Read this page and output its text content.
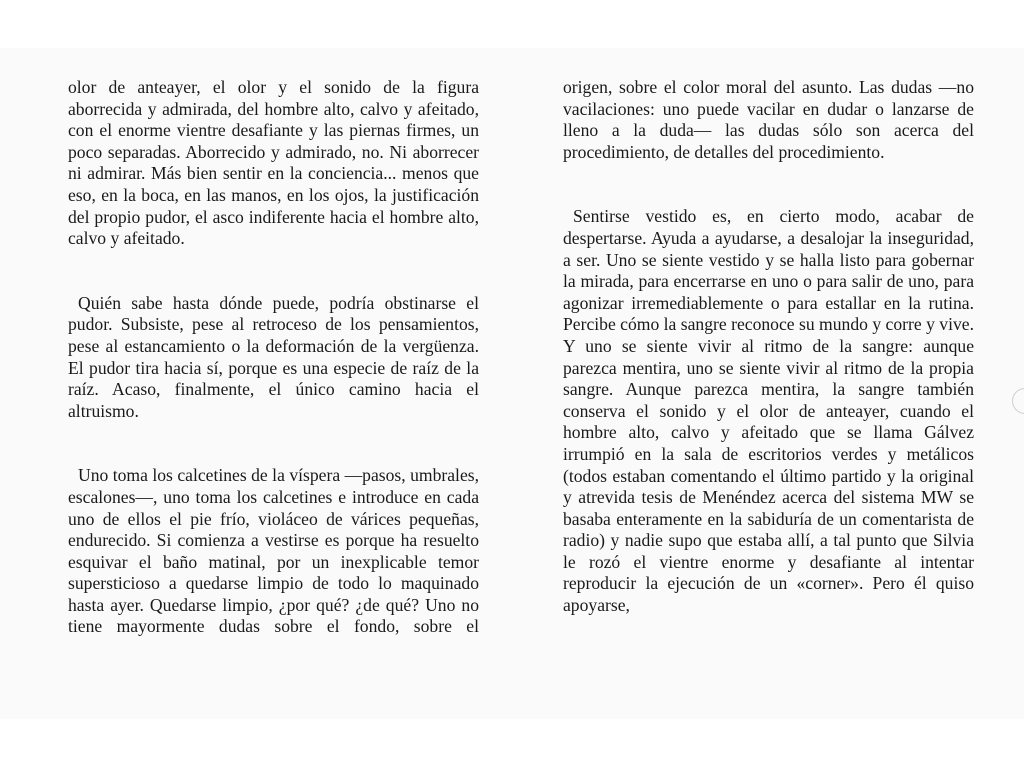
olor de anteayer, el olor y el sonido de la figura aborrecida y admirada, del hombre alto, calvo y afeitado, con el enorme vientre desafiante y las piernas firmes, un poco separadas. Aborrecido y admirado, no. Ni aborrecer ni admirar. Más bien sentir en la conciencia... menos que eso, en la boca, en las manos, en los ojos, la justificación del propio pudor, el asco indiferente hacia el hombre alto, calvo y afeitado.

Quién sabe hasta dónde puede, podría obstinarse el pudor. Subsiste, pese al retroceso de los pensamientos, pese al estancamiento o la deformación de la vergüenza. El pudor tira hacia sí, porque es una especie de raíz de la raíz. Acaso, finalmente, el único camino hacia el altruismo.

Uno toma los calcetines de la víspera —pasos, umbrales, escalones—, uno toma los calcetines e introduce en cada uno de ellos el pie frío, violáceo de várices pequeñas, endurecido. Si comienza a vestirse es porque ha resuelto esquivar el baño matinal, por un inexplicable temor supersticioso a quedarse limpio de todo lo maquinado hasta ayer. Quedarse limpio, ¿por qué? ¿de qué? Uno no tiene mayormente dudas sobre el fondo, sobre el

origen, sobre el color moral del asunto. Las dudas —no vacilaciones: uno puede vacilar en dudar o lanzarse de lleno a la duda— las dudas sólo son acerca del procedimiento, de detalles del procedimiento.

Sentirse vestido es, en cierto modo, acabar de despertarse. Ayuda a ayudarse, a desalojar la inseguridad, a ser. Uno se siente vestido y se halla listo para gobernar la mirada, para encerrarse en uno o para salir de uno, para agonizar irremediablemente o para estallar en la rutina. Percibe cómo la sangre reconoce su mundo y corre y vive. Y uno se siente vivir al ritmo de la sangre: aunque parezca mentira, uno se siente vivir al ritmo de la propia sangre. Aunque parezca mentira, la sangre también conserva el sonido y el olor de anteayer, cuando el hombre alto, calvo y afeitado que se llama Gálvez irrumpió en la sala de escritorios verdes y metálicos (todos estaban comentando el último partido y la original y atrevida tesis de Menéndez acerca del sistema MW se basaba enteramente en la sabiduría de un comentarista de radio) y nadie supo que estaba allí, a tal punto que Silvia le rozó el vientre enorme y desafiante al intentar reproducir la ejecución de un «corner». Pero él quiso apoyarse,
